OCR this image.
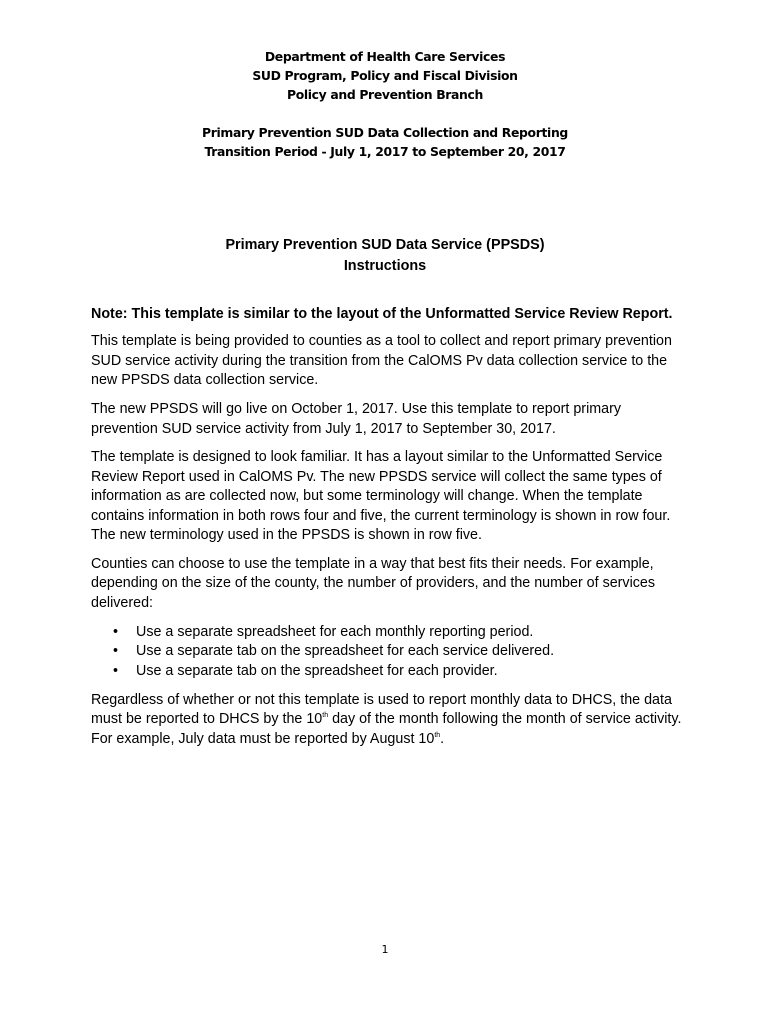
Department of Health Care Services
SUD Program, Policy and Fiscal Division
Policy and Prevention Branch
Primary Prevention SUD Data Collection and Reporting
Transition Period - July 1, 2017 to September 20, 2017
Primary Prevention SUD Data Service (PPSDS)
Instructions

Note: This template is similar to the layout of the Unformatted Service Review Report.

This template is being provided to counties as a tool to collect and report primary prevention SUD service activity during the transition from the CalOMS Pv data collection service to the new PPSDS data collection service.

The new PPSDS will go live on October 1, 2017. Use this template to report primary prevention SUD service activity from July 1, 2017 to September 30, 2017.

The template is designed to look familiar. It has a layout similar to the Unformatted Service Review Report used in CalOMS Pv. The new PPSDS service will collect the same types of information as are collected now, but some terminology will change. When the template contains information in both rows four and five, the current terminology is shown in row four. The new terminology used in the PPSDS is shown in row five.

Counties can choose to use the template in a way that best fits their needs. For example, depending on the size of the county, the number of providers, and the number of services delivered:

• Use a separate spreadsheet for each monthly reporting period.
• Use a separate tab on the spreadsheet for each service delivered.
• Use a separate tab on the spreadsheet for each provider.

Regardless of whether or not this template is used to report monthly data to DHCS, the data must be reported to DHCS by the 10th day of the month following the month of service activity. For example, July data must be reported by August 10th.

1
